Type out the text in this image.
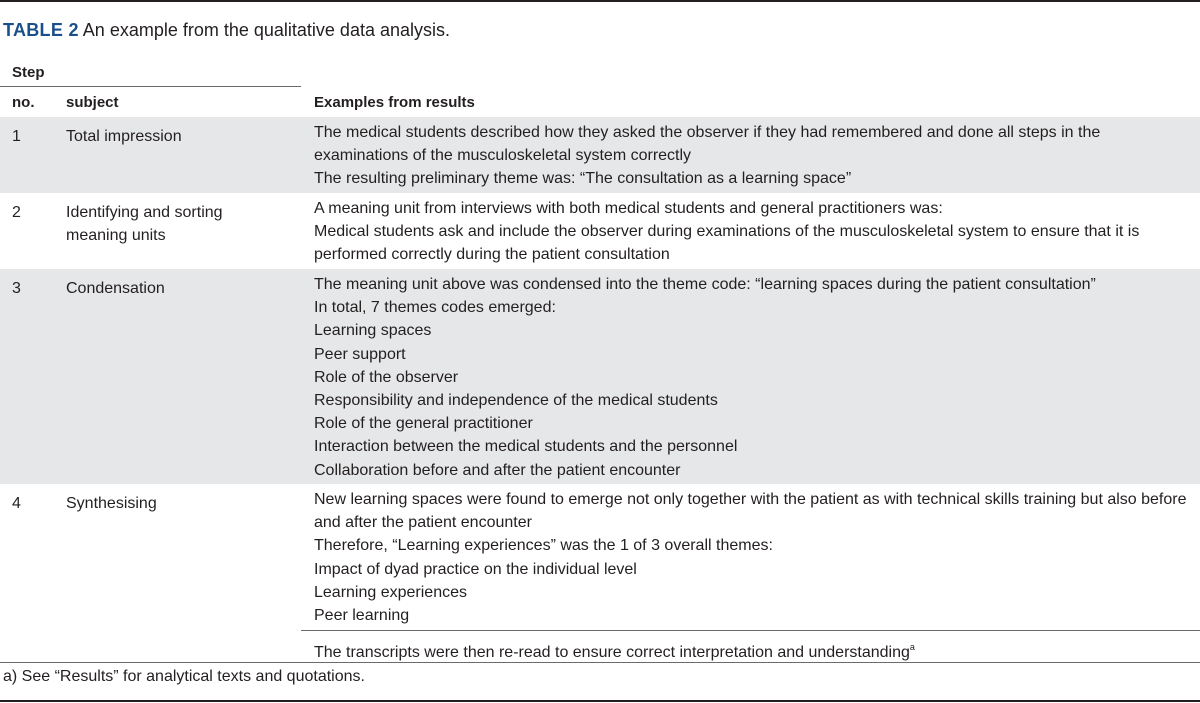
TABLE 2 An example from the qualitative data analysis.
Step
no. subject	Examples from results
1	Total impression	The medical students described how they asked the observer if they had remembered and done all steps in the examinations of the musculoskeletal system correctly
The resulting preliminary theme was: “The consultation as a learning space”
2	Identifying and sorting meaning units
A meaning unit from interviews with both medical students and general practitioners was:
Medical students ask and include the observer during examinations of the musculoskeletal system to ensure that it is performed correctly during the patient consultation
3	Condensation	The meaning unit above was condensed into the theme code: “learning spaces during the patient consultation”
In total, 7 themes codes emerged:
Learning spaces
Peer support
Role of the observer
Responsibility and independence of the medical students
Role of the general practitioner
Interaction between the medical students and the personnel
Collaboration before and after the patient encounter
4	Synthesising	New learning spaces were found to emerge not only together with the patient as with technical skills training but also before and after the patient encounter
Therefore, “Learning experiences” was the 1 of 3 overall themes:
Impact of dyad practice on the individual level
Learning experiences
Peer learning
The transcripts were then re-read to ensure correct interpretation and understanding$^a$
a) See “Results” for analytical texts and quotations.
